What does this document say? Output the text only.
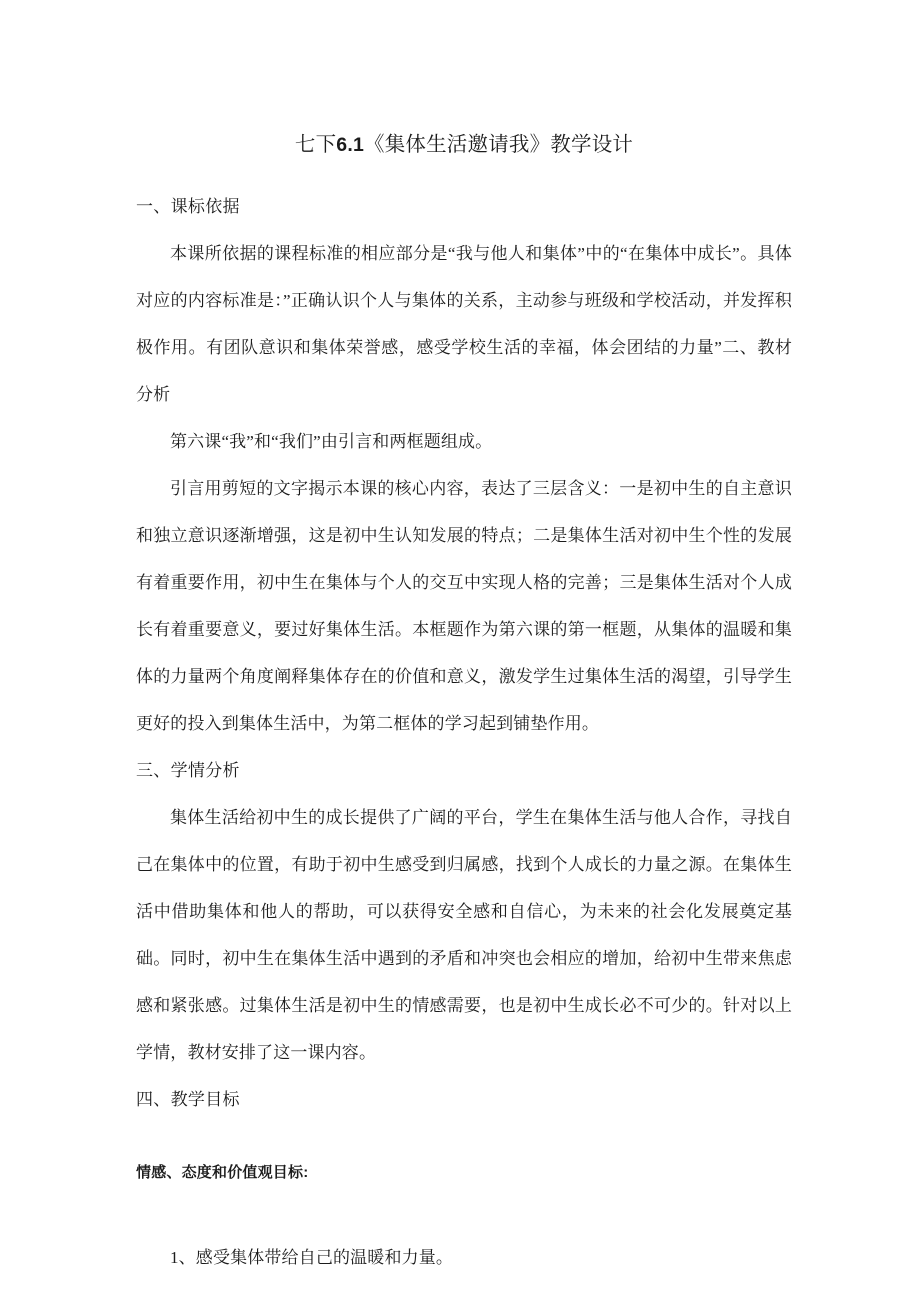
七下6.1《集体生活邀请我》教学设计
一、课标依据

本课所依据的课程标准的相应部分是“我与他人和集体”中的“在集体中成长”。具体对应的内容标准是：”正确认识个人与集体的关系，主动参与班级和学校活动，并发挥积极作用。有团队意识和集体荣誉感，感受学校生活的幸福，体会团结的力量”二、教材分析

第六课“我”和“我们”由引言和两框题组成。

引言用剪短的文字揭示本课的核心内容，表达了三层含义：一是初中生的自主意识和独立意识逐渐增强，这是初中生认知发展的特点；二是集体生活对初中生个性的发展有着重要作用，初中生在集体与个人的交互中实现人格的完善；三是集体生活对个人成长有着重要意义，要过好集体生活。本框题作为第六课的第一框题，从集体的温暖和集体的力量两个角度阐释集体存在的价值和意义，激发学生过集体生活的渴望，引导学生更好的投入到集体生活中，为第二框体的学习起到铺垫作用。

三、学情分析

集体生活给初中生的成长提供了广阔的平台，学生在集体生活与他人合作，寻找自己在集体中的位置，有助于初中生感受到归属感，找到个人成长的力量之源。在集体生活中借助集体和他人的帮助，可以获得安全感和自信心，为未来的社会化发展奠定基础。同时，初中生在集体生活中遇到的矛盾和冲突也会相应的增加，给初中生带来焦虑感和紧张感。过集体生活是初中生的情感需要，也是初中生成长必不可少的。针对以上学情，教材安排了这一课内容。

四、教学目标

情感、态度和价值观目标:

1、感受集体带给自己的温暖和力量。
